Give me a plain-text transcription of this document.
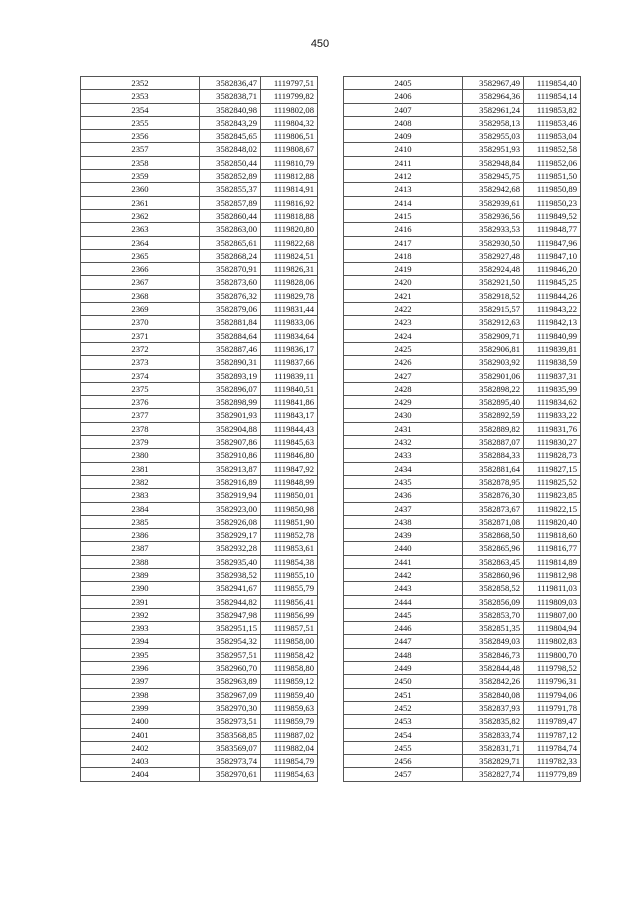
450
2352	3582836,47	1119797,51
2353	3582838,71	1119799,82
2354	3582840,98	1119802,08
2355	3582843,29	1119804,32
2356	3582845,65	1119806,51
2357	3582848,02	1119808,67
2358	3582850,44	1119810,79
2359	3582852,89	1119812,88
2360	3582855,37	1119814,91
2361	3582857,89	1119816,92
2362	3582860,44	1119818,88
2363	3582863,00	1119820,80
2364	3582865,61	1119822,68
2365	3582868,24	1119824,51
2366	3582870,91	1119826,31
2367	3582873,60	1119828,06
2368	3582876,32	1119829,78
2369	3582879,06	1119831,44
2370	3582881,84	1119833,06
2371	3582884,64	1119834,64
2372	3582887,46	1119836,17
2373	3582890,31	1119837,66
2374	3582893,19	1119839,11
2375	3582896,07	1119840,51
2376	3582898,99	1119841,86
2377	3582901,93	1119843,17
2378	3582904,88	1119844,43
2379	3582907,86	1119845,63
2380	3582910,86	1119846,80
2381	3582913,87	1119847,92
2382	3582916,89	1119848,99
2383	3582919,94	1119850,01
2384	3582923,00	1119850,98
2385	3582926,08	1119851,90
2386	3582929,17	1119852,78
2387	3582932,28	1119853,61
2388	3582935,40	1119854,38
2389	3582938,52	1119855,10
2390	3582941,67	1119855,79
2391	3582944,82	1119856,41
2392	3582947,98	1119856,99
2393	3582951,15	1119857,51
2394	3582954,32	1119858,00
2395	3582957,51	1119858,42
2396	3582960,70	1119858,80
2397	3582963,89	1119859,12
2398	3582967,09	1119859,40
2399	3582970,30	1119859,63
2400	3582973,51	1119859,79
2401	3583568,85	1119887,02
2402	3583569,07	1119882,04
2403	3582973,74	1119854,79
2404	3582970,61	1119854,63
2405	3582967,49	1119854,40
2406	3582964,36	1119854,14
2407	3582961,24	1119853,82
2408	3582958,13	1119853,46
2409	3582955,03	1119853,04
2410	3582951,93	1119852,58
2411	3582948,84	1119852,06
2412	3582945,75	1119851,50
2413	3582942,68	1119850,89
2414	3582939,61	1119850,23
2415	3582936,56	1119849,52
2416	3582933,53	1119848,77
2417	3582930,50	1119847,96
2418	3582927,48	1119847,10
2419	3582924,48	1119846,20
2420	3582921,50	1119845,25
2421	3582918,52	1119844,26
2422	3582915,57	1119843,22
2423	3582912,63	1119842,13
2424	3582909,71	1119840,99
2425	3582906,81	1119839,81
2426	3582903,92	1119838,59
2427	3582901,06	1119837,31
2428	3582898,22	1119835,99
2429	3582895,40	1119834,62
2430	3582892,59	1119833,22
2431	3582889,82	1119831,76
2432	3582887,07	1119830,27
2433	3582884,33	1119828,73
2434	3582881,64	1119827,15
2435	3582878,95	1119825,52
2436	3582876,30	1119823,85
2437	3582873,67	1119822,15
2438	3582871,08	1119820,40
2439	3582868,50	1119818,60
2440	3582865,96	1119816,77
2441	3582863,45	1119814,89
2442	3582860,96	1119812,98
2443	3582858,52	1119811,03
2444	3582856,09	1119809,03
2445	3582853,70	1119807,00
2446	3582851,35	1119804,94
2447	3582849,03	1119802,83
2448	3582846,73	1119800,70
2449	3582844,48	1119798,52
2450	3582842,26	1119796,31
2451	3582840,08	1119794,06
2452	3582837,93	1119791,78
2453	3582835,82	1119789,47
2454	3582833,74	1119787,12
2455	3582831,71	1119784,74
2456	3582829,71	1119782,33
2457	3582827,74	1119779,89
